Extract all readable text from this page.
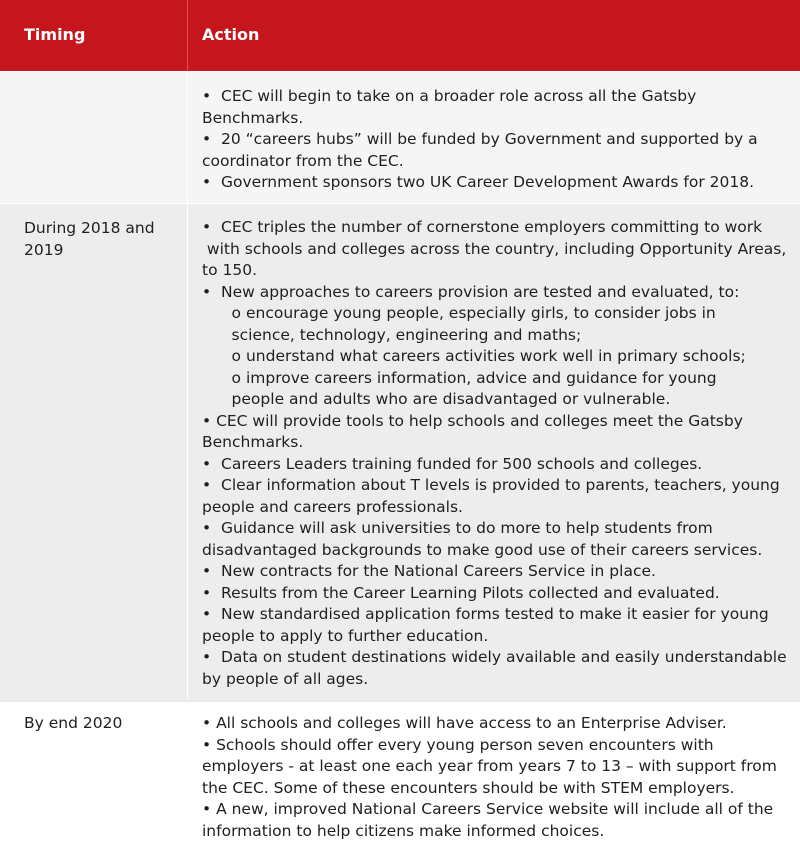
Timing	Action
•  CEC will begin to take on a broader role across all the Gatsby
Benchmarks.
•  20 “careers hubs” will be funded by Government and supported by a
coordinator from the CEC.
•  Government sponsors two UK Career Development Awards for 2018.
During 2018 and 2019
•  CEC triples the number of cornerstone employers committing to work
with schools and colleges across the country, including Opportunity Areas,
to 150.
•  New approaches to careers provision are tested and evaluated, to:
o encourage young people, especially girls, to consider jobs in
science, technology, engineering and maths;
o understand what careers activities work well in primary schools;
o improve careers information, advice and guidance for young
people and adults who are disadvantaged or vulnerable.
• CEC will provide tools to help schools and colleges meet the Gatsby
Benchmarks.
•  Careers Leaders training funded for 500 schools and colleges.
•  Clear information about T levels is provided to parents, teachers, young
people and careers professionals.
•  Guidance will ask universities to do more to help students from
disadvantaged backgrounds to make good use of their careers services.
•  New contracts for the National Careers Service in place.
•  Results from the Career Learning Pilots collected and evaluated.
•  New standardised application forms tested to make it easier for young
people to apply to further education.
•  Data on student destinations widely available and easily understandable
by people of all ages.
By end 2020	• All schools and colleges will have access to an Enterprise Adviser.
• Schools should offer every young person seven encounters with
employers - at least one each year from years 7 to 13 – with support from
the CEC. Some of these encounters should be with STEM employers.
• A new, improved National Careers Service website will include all of the
information to help citizens make informed choices.
